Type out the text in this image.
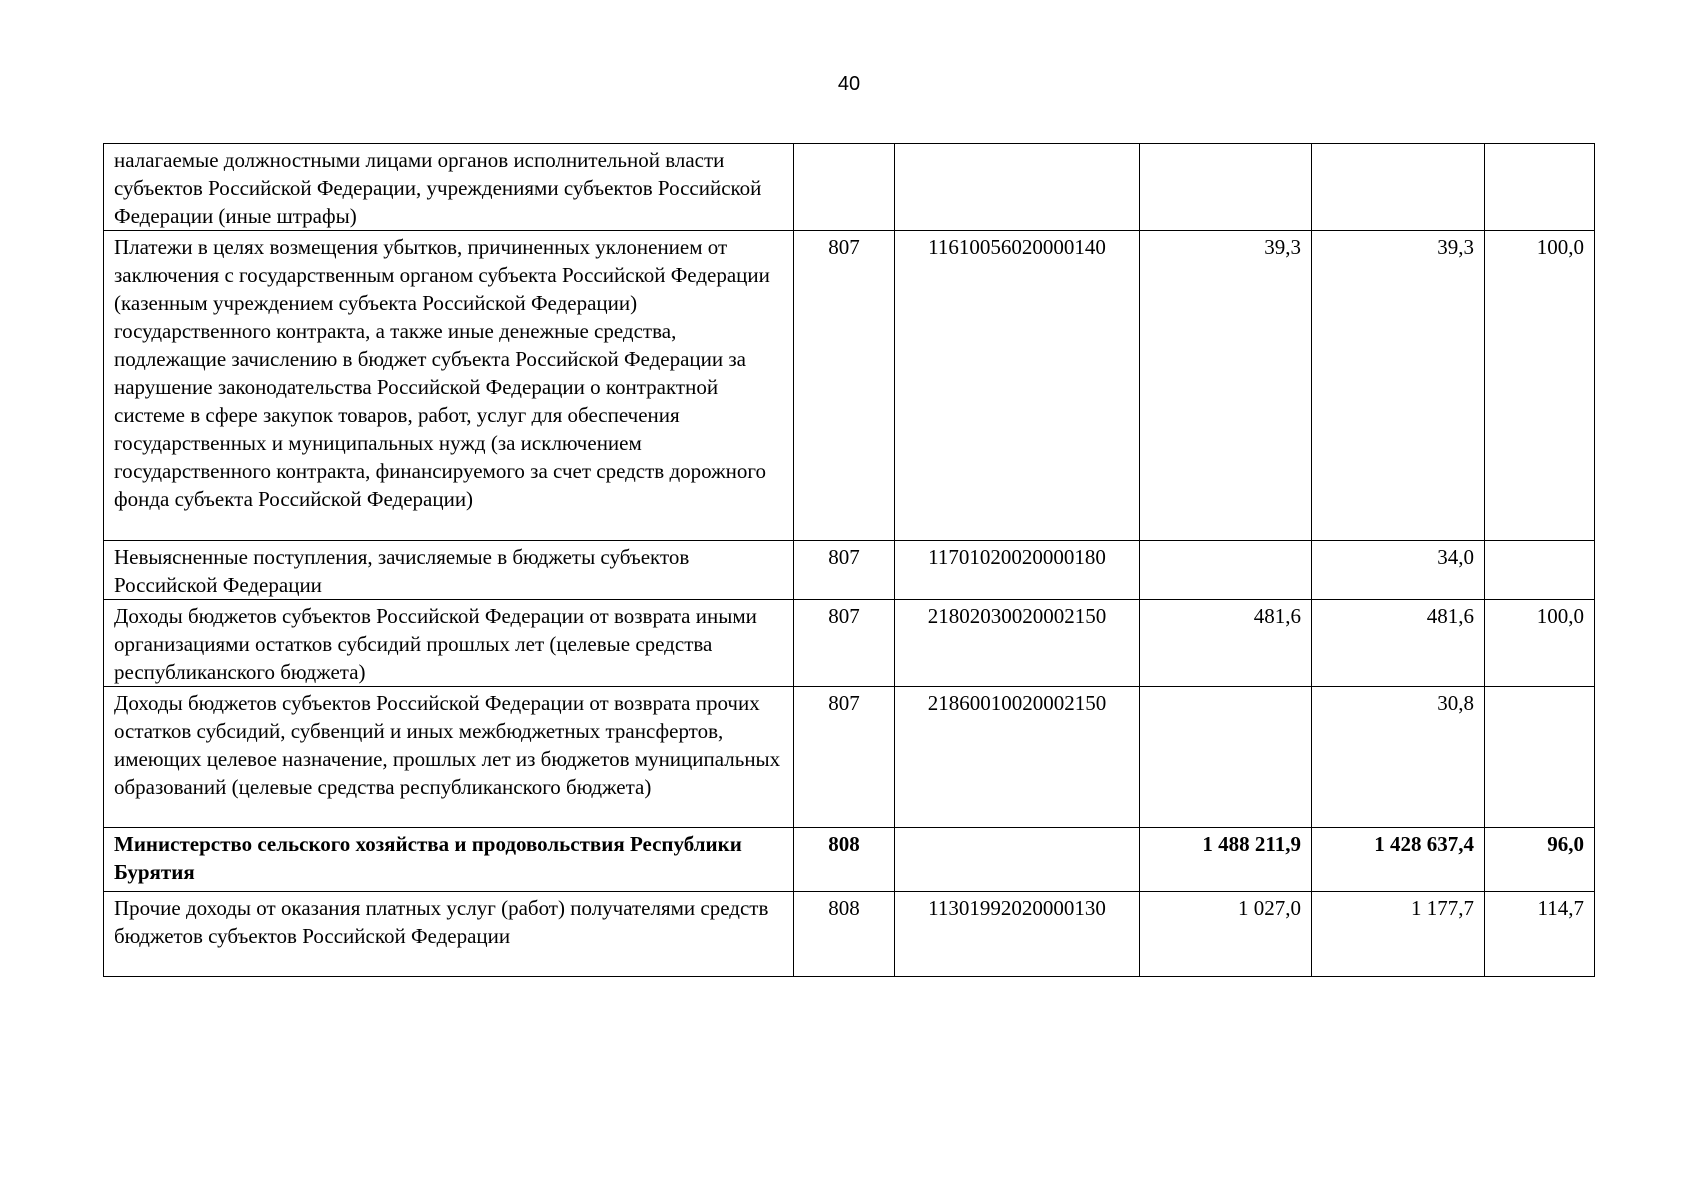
40
налагаемые должностными лицами органов исполнительной власти субъектов Российской Федерации, учреждениями субъектов Российской Федерации (иные штрафы)					
Платежи в целях возмещения убытков, причиненных уклонением от заключения с государственным органом субъекта Российской Федерации (казенным учреждением субъекта Российской Федерации) государственного контракта, а также иные денежные средства, подлежащие зачислению в бюджет субъекта Российской Федерации за нарушение законодательства Российской Федерации о контрактной системе в сфере закупок товаров, работ, услуг для обеспечения государственных и муниципальных нужд (за исключением государственного контракта, финансируемого за счет средств дорожного фонда субъекта Российской Федерации)	807	11610056020000140	39,3	39,3	100,0
Невыясненные поступления, зачисляемые в бюджеты субъектов Российской Федерации	807	11701020020000180		34,0	
Доходы бюджетов субъектов Российской Федерации от возврата иными организациями остатков субсидий прошлых лет (целевые средства республиканского бюджета)	807	21802030020002150	481,6	481,6	100,0
Доходы бюджетов субъектов Российской Федерации от возврата прочих остатков субсидий, субвенций и иных межбюджетных трансфертов, имеющих целевое назначение, прошлых лет из бюджетов муниципальных образований (целевые средства республиканского бюджета)	807	21860010020002150		30,8	
Министерство сельского хозяйства и продовольствия Республики Бурятия	808		1 488 211,9	1 428 637,4	96,0
Прочие доходы от оказания платных услуг (работ) получателями средств бюджетов субъектов Российской Федерации	808	11301992020000130	1 027,0	1 177,7	114,7
